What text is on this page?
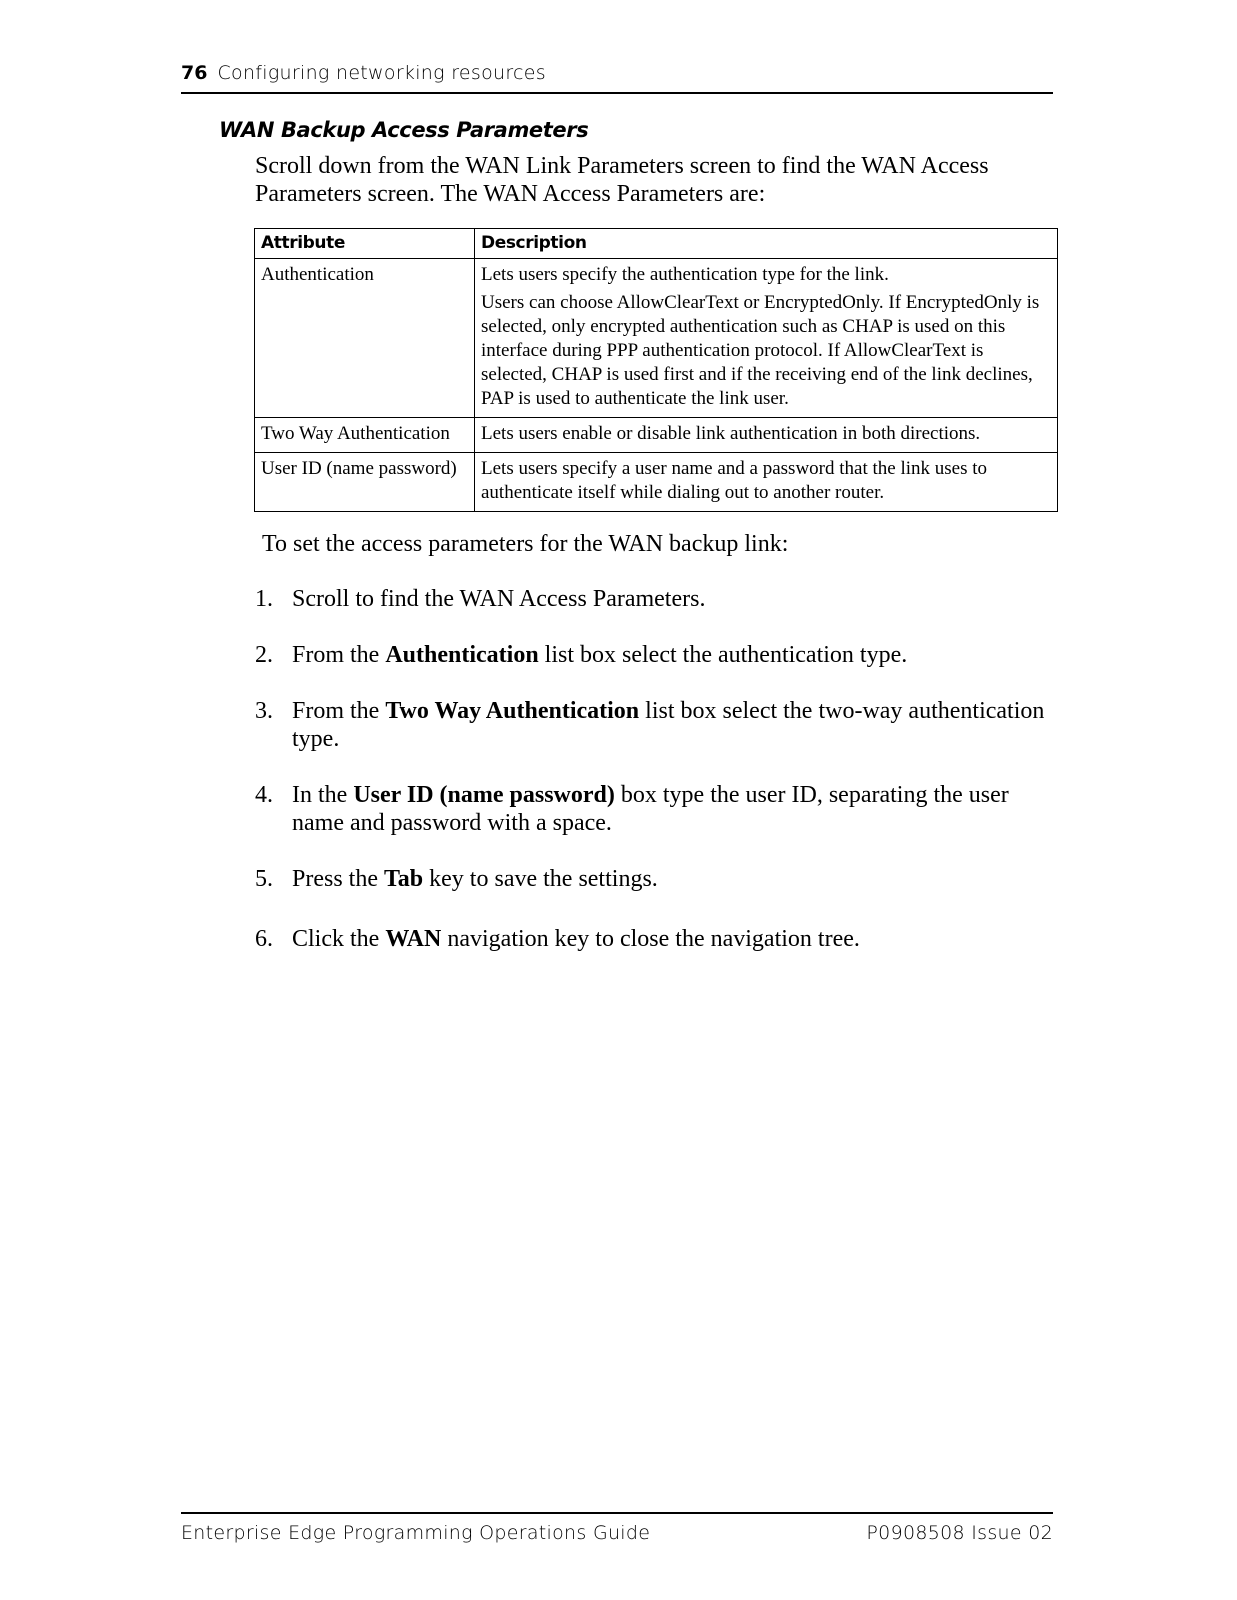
76 Configuring networking resources
WAN Backup Access Parameters
Scroll down from the WAN Link Parameters screen to find the WAN Access Parameters screen. The WAN Access Parameters are:
Attribute	Description
Authentication	Lets users specify the authentication type for the link.

Users can choose AllowClearText or EncryptedOnly. If EncryptedOnly is selected, only encrypted authentication such as CHAP is used on this interface during PPP authentication protocol. If AllowClearText is selected, CHAP is used first and if the receiving end of the link declines, PAP is used to authenticate the link user.

Two Way Authentication	Lets users enable or disable link authentication in both directions.

User ID (name password)	Lets users specify a user name and a password that the link uses to authenticate itself while dialing out to another router.

To set the access parameters for the WAN backup link:
1. Scroll to find the WAN Access Parameters.
2. From the Authentication list box select the authentication type.
3. From the Two Way Authentication list box select the two-way authentication type.
4. In the User ID (name password) box type the user ID, separating the user name and password with a space.
5. Press the Tab key to save the settings.
6. Click the WAN navigation key to close the navigation tree.
Enterprise Edge Programming Operations Guide	P0908508 Issue 02
